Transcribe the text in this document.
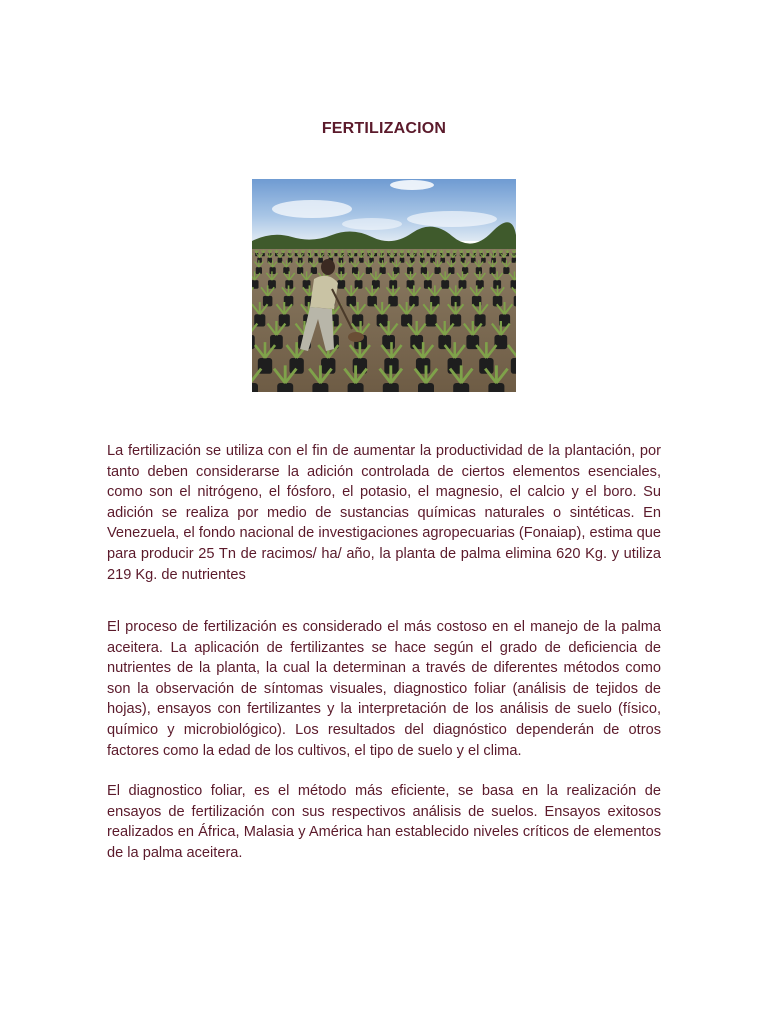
FERTILIZACION

La fertilización se utiliza con el fin de aumentar la productividad de la plantación, por tanto deben considerarse la adición controlada de ciertos elementos esenciales, como son el nitrógeno, el fósforo, el potasio, el magnesio, el calcio y el boro. Su adición se realiza por medio de sustancias químicas naturales o sintéticas. En Venezuela, el fondo nacional de investigaciones agropecuarias (Fonaiap), estima que para producir 25 Tn de racimos/ ha/ año, la planta de palma elimina 620 Kg. y utiliza 219 Kg. de nutrientes

El proceso de fertilización es considerado el más costoso en el manejo de la palma aceitera. La aplicación de fertilizantes se hace según el grado de deficiencia de nutrientes de la planta, la cual la determinan a través de diferentes métodos como son la observación de síntomas visuales, diagnostico foliar (análisis de tejidos de hojas), ensayos con fertilizantes y la interpretación de los análisis de suelo (físico, químico y microbiológico). Los resultados del diagnóstico dependerán de otros factores como la edad de los cultivos, el tipo de suelo y el clima.

El diagnostico foliar, es el método más eficiente, se basa en la realización de ensayos de fertilización con sus respectivos análisis de suelos. Ensayos exitosos realizados en África, Malasia y América han establecido niveles críticos de elementos de la palma aceitera.
